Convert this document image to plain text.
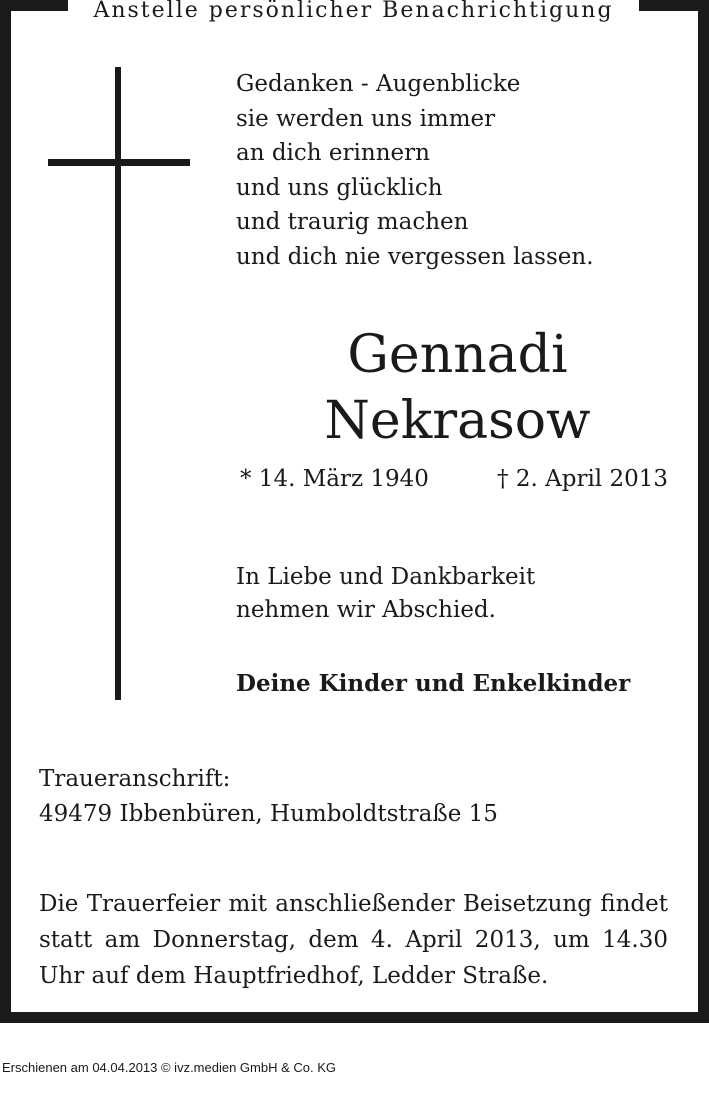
Anstelle persönlicher Benachrichtigung
Gedanken - Augenblicke
sie werden uns immer
an dich erinnern
und uns glücklich
und traurig machen
und dich nie vergessen lassen.
Gennadi
Nekrasow
* 14. März 1940	† 2. April 2013
In Liebe und Dankbarkeit
nehmen wir Abschied.
Deine Kinder und Enkelkinder
Traueranschrift:
49479 Ibbenbüren, Humboldtstraße 15
Die Trauerfeier mit anschließender Beisetzung findet
statt am Donnerstag, dem 4. April 2013, um 14.30
Uhr auf dem Hauptfriedhof, Ledder Straße.
Erschienen am 04.04.2013 © ivz.medien GmbH & Co. KG
